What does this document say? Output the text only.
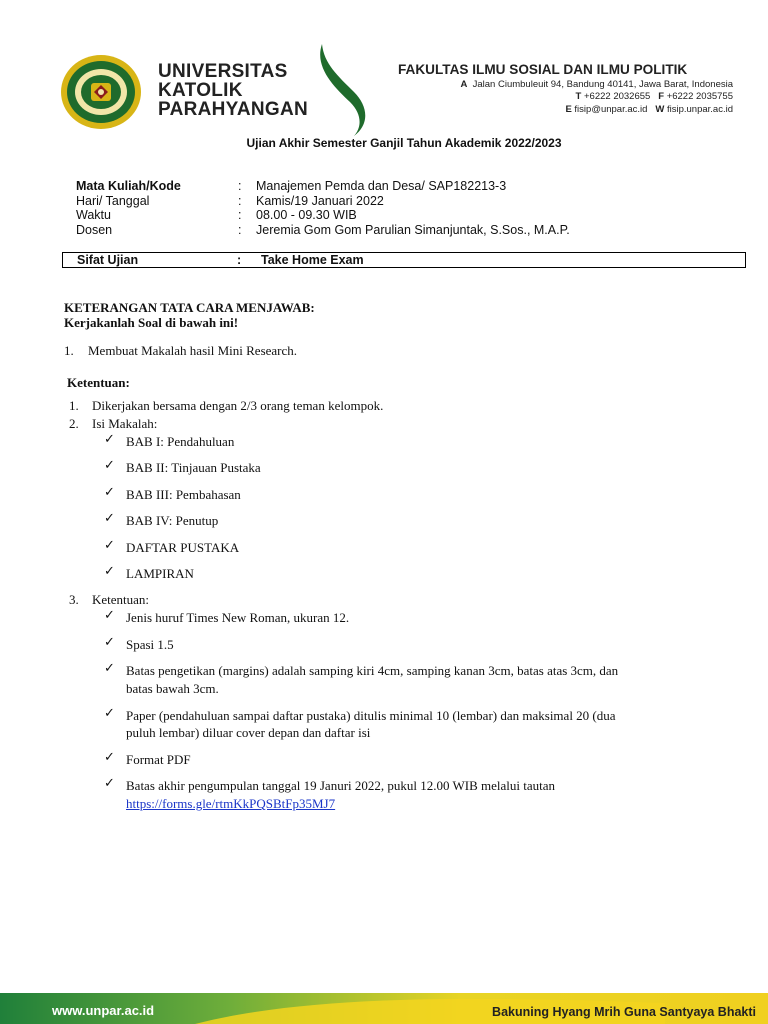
UNIVERSITAS
KATOLIK
PARAHYANGAN
FAKULTAS ILMU SOSIAL DAN ILMU POLITIK
A Jalan Ciumbuleuit 94, Bandung 40141, Jawa Barat, Indonesia
T +6222 2032655 F +6222 2035755
E fisip@unpar.ac.id W fisip.unpar.ac.id
Ujian Akhir Semester Ganjil Tahun Akademik 2022/2023
Mata Kuliah/Kode	:	Manajemen Pemda dan Desa/ SAP182213-3
Hari/ Tanggal	:	Kamis/19 Januari 2022
Waktu	:	08.00 - 09.30 WIB
Dosen	:	Jeremia Gom Gom Parulian Simanjuntak, S.Sos., M.A.P.
Sifat Ujian	: Take Home Exam
KETERANGAN TATA CARA MENJAWAB:
Kerjakanlah Soal di bawah ini!
1. Membuat Makalah hasil Mini Research.
Ketentuan:
1. Dikerjakan bersama dengan 2/3 orang teman kelompok.
2. Isi Makalah:
✓ BAB I: Pendahuluan
✓ BAB II: Tinjauan Pustaka
✓ BAB III: Pembahasan
✓ BAB IV: Penutup
✓ DAFTAR PUSTAKA
✓ LAMPIRAN
3. Ketentuan:
✓ Jenis huruf Times New Roman, ukuran 12.
✓ Spasi 1.5
✓ Batas pengetikan (margins) adalah samping kiri 4cm, samping kanan 3cm, batas atas 3cm, dan
batas bawah 3cm.
✓ Paper (pendahuluan sampai daftar pustaka) ditulis minimal 10 (lembar) dan maksimal 20 (dua
puluh lembar) diluar cover depan dan daftar isi
✓ Format PDF
✓ Batas akhir pengumpulan tanggal 19 Januri 2022, pukul 12.00 WIB melalui tautan
https://forms.gle/rtmKkPQSBtFp35MJ7
www.unpar.ac.id	Bakuning Hyang Mrih Guna Santyaya Bhakti
